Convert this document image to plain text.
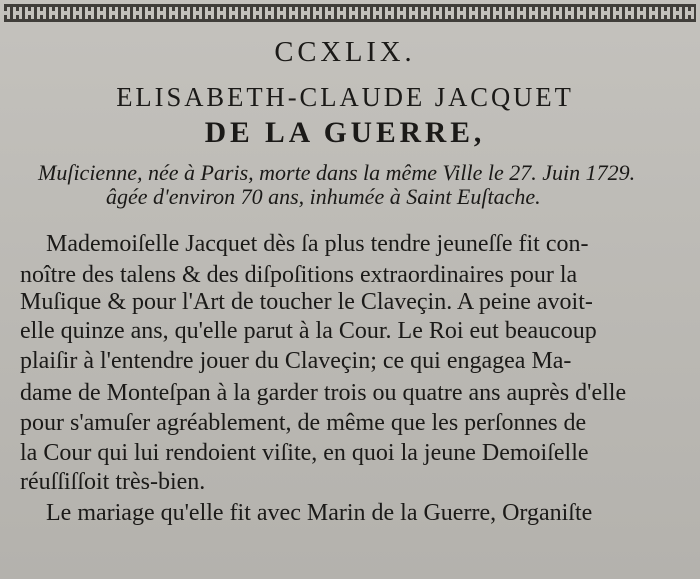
CCXLIX.
ELISABETH-CLAUDE JACQUET
DE LA GUERRE,
Muſicienne, née à Paris, morte dans la même Ville le 27. Juin 1729.
âgée d'environ 70 ans, inhumée à Saint Euſtache.
Mademoiſelle Jacquet dès ſa plus tendre jeuneſſe fit con-
noître des talens & des diſpoſitions extraordinaires pour la
Muſique & pour l'Art de toucher le Claveçin. A peine avoit-
elle quinze ans, qu'elle parut à la Cour. Le Roi eut beaucoup
plaiſir à l'entendre jouer du Claveçin; ce qui engagea Ma-
dame de Monteſpan à la garder trois ou quatre ans auprès d'elle
pour s'amuſer agréablement, de même que les perſonnes de
la Cour qui lui rendoient viſite, en quoi la jeune Demoiſelle
réuſſiſſoit très-bien.
Le mariage qu'elle fit avec Marin de la Guerre, Organiſte
